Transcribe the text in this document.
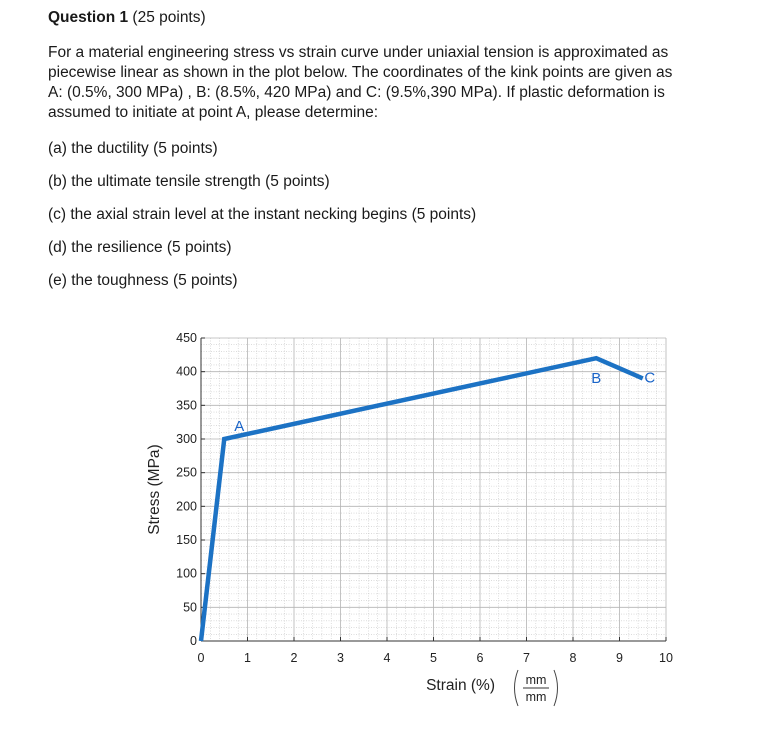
Question 1 (25 points)
For a material engineering stress vs strain curve under uniaxial tension is approximated as
piecewise linear as shown in the plot below. The coordinates of the kink points are given as
A: (0.5%, 300 MPa) , B: (8.5%, 420 MPa) and C: (9.5%,390 MPa). If plastic deformation is
assumed to initiate at point A, please determine:
(a) the ductility (5 points)
(b) the ultimate tensile strength (5 points)
(c) the axial strain level at the instant necking begins (5 points)
(d) the resilience (5 points)
(e) the toughness (5 points)
0	1	2	3	4	5	6	7	8	9	10
0
50
100
150
200
250
300
350
400
450
Stress (MPa)
Strain (%) mm
mm
A
B	C
